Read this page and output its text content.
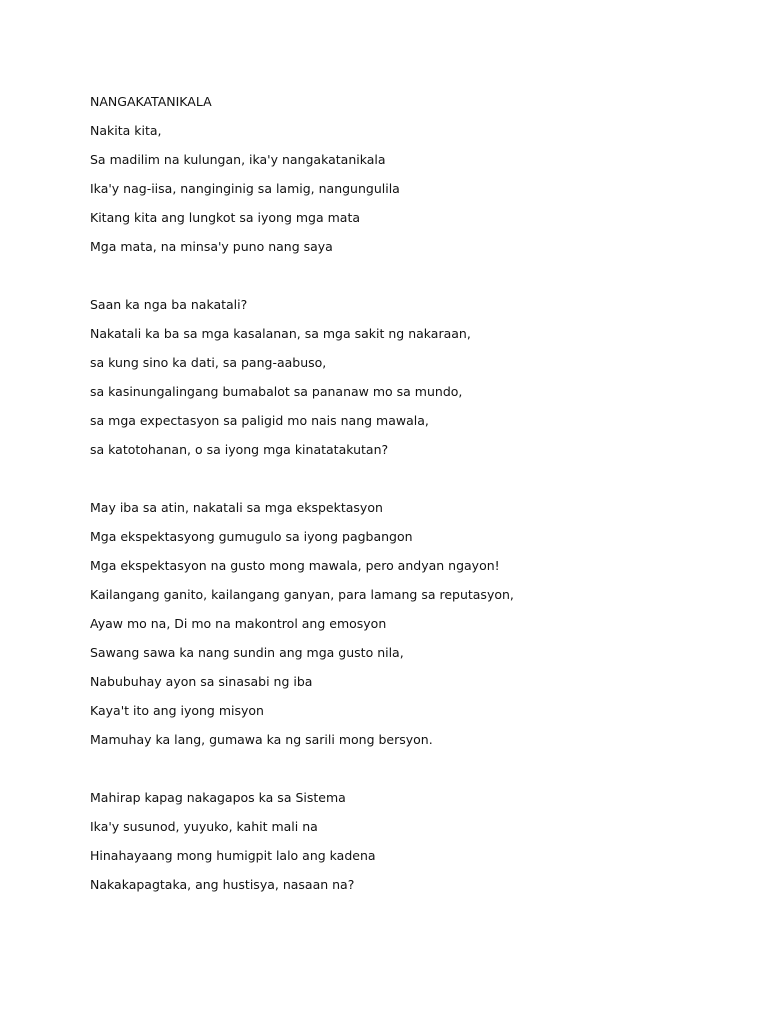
NANGAKATANIKALA
Nakita kita,
Sa madilim na kulungan, ika'y nangakatanikala
Ika'y nag-iisa, nanginginig sa lamig, nangungulila
Kitang kita ang lungkot sa iyong mga mata
Mga mata, na minsa'y puno nang saya
Saan ka nga ba nakatali?
Nakatali ka ba sa mga kasalanan, sa mga sakit ng nakaraan,
sa kung sino ka dati, sa pang-aabuso,
sa kasinungalingang bumabalot sa pananaw mo sa mundo,
sa mga expectasyon sa paligid mo nais nang mawala,
sa katotohanan, o sa iyong mga kinatatakutan?
May iba sa atin, nakatali sa mga ekspektasyon
Mga ekspektasyong gumugulo sa iyong pagbangon
Mga ekspektasyon na gusto mong mawala, pero andyan ngayon!
Kailangang ganito, kailangang ganyan, para lamang sa reputasyon,
Ayaw mo na, Di mo na makontrol ang emosyon
Sawang sawa ka nang sundin ang mga gusto nila,
Nabubuhay ayon sa sinasabi ng iba
Kaya't ito ang iyong misyon
Mamuhay ka lang, gumawa ka ng sarili mong bersyon.
Mahirap kapag nakagapos ka sa Sistema
Ika'y susunod, yuyuko, kahit mali na
Hinahayaang mong humigpit lalo ang kadena
Nakakapagtaka, ang hustisya, nasaan na?
